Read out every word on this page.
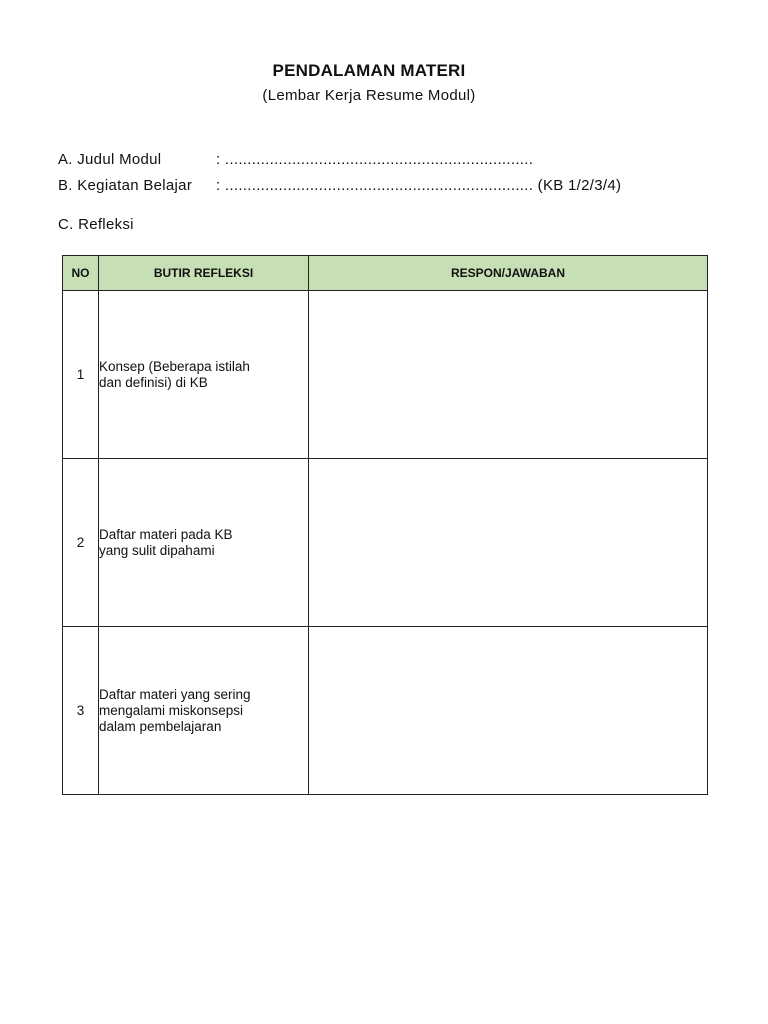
PENDALAMAN MATERI
(Lembar Kerja Resume Modul)
A. Judul Modul	: .....................................................................
B. Kegiatan Belajar : ..................................................................... (KB 1/2/3/4)
C. Refleksi
NO	BUTIR REFLEKSI	RESPON/JAWABAN
1	Konsep (Beberapa istilah
dan definisi) di KB	
2	Daftar materi pada KB
yang sulit dipahami	
3	Daftar materi yang sering
mengalami miskonsepsi
dalam pembelajaran	
